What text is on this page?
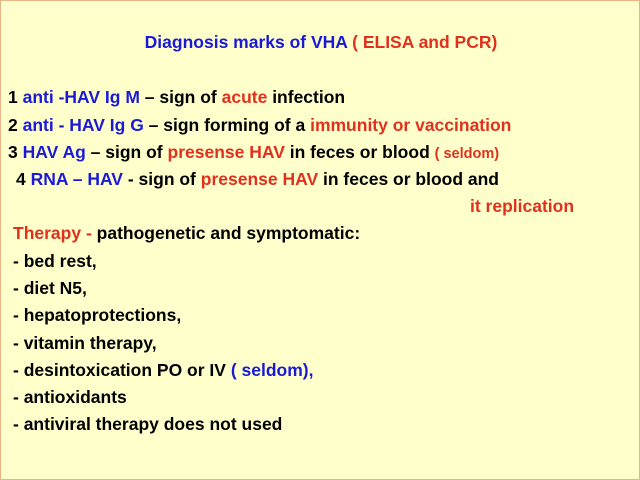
Diagnosis marks of VHA ( ELISA and PCR)
1 anti -HAV Ig M – sign of acute infection
2 anti - HAV Ig G – sign forming of a immunity or vaccination
3 HAV Ag – sign of presense HAV in feces or blood ( seldom)
4 RNA – HAV - sign of presense HAV in feces or blood and
it replication
Therapy - pathogenetic and symptomatic:
- bed rest,
- diet N5,
- hepatoprotections,
- vitamin therapy,
- desintoxication PO or IV ( seldom),
- antioxidants
- antiviral therapy does not used
